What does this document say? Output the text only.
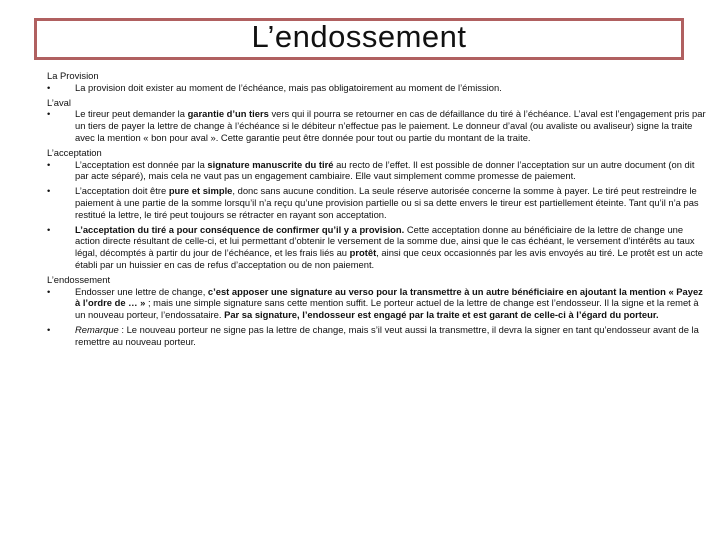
L’endossement
La Provision
•	La provision doit exister au moment de l’échéance, mais pas obligatoirement au moment de l’émission.
L’aval
•	Le tireur peut demander la garantie d’un tiers vers qui il pourra se retourner en cas de défaillance du tiré à l’échéance. L’aval est l’engagement pris par un tiers de payer la lettre de change à l’échéance si le débiteur n’effectue pas le paiement. Le donneur d’aval (ou avaliste ou avaliseur) signe la traite avec la mention « bon pour aval ». Cette garantie peut être donnée pour tout ou partie du montant de la traite.
L’acceptation
•	L’acceptation est donnée par la signature manuscrite du tiré au recto de l’effet. Il est possible de donner l’acceptation sur un autre document (on dit par acte séparé), mais cela ne vaut pas un engagement cambiaire. Elle vaut simplement comme promesse de paiement.
•	L’acceptation doit être pure et simple, donc sans aucune condition. La seule réserve autorisée concerne la somme à payer. Le tiré peut restreindre le paiement à une partie de la somme lorsqu’il n’a reçu qu’une provision partielle ou si sa dette envers le tireur est partiellement éteinte. Tant qu’il n’a pas restitué la lettre, le tiré peut toujours se rétracter en rayant son acceptation.
•	L’acceptation du tiré a pour conséquence de confirmer qu’il y a provision. Cette acceptation donne au bénéficiaire de la lettre de change une action directe résultant de celle-ci, et lui permettant d’obtenir le versement de la somme due, ainsi que le cas échéant, le versement d’intérêts au taux légal, décomptés à partir du jour de l’échéance, et les frais liés au protêt, ainsi que ceux occasionnés par les avis envoyés au tiré. Le protêt est un acte établi par un huissier en cas de refus d’acceptation ou de non paiement.
L’endossement
•	Endosser une lettre de change, c’est apposer une signature au verso pour la transmettre à un autre bénéficiaire en ajoutant la mention « Payez à l’ordre de … » ; mais une simple signature sans cette mention suffit. Le porteur actuel de la lettre de change est l’endosseur. Il la signe et la remet à un nouveau porteur, l’endossataire. Par sa signature, l’endosseur est engagé par la traite et est garant de celle-ci à l’égard du porteur.
•	Remarque : Le nouveau porteur ne signe pas la lettre de change, mais s’il veut aussi la transmettre, il devra la signer en tant qu’endosseur avant de la remettre au nouveau porteur.
